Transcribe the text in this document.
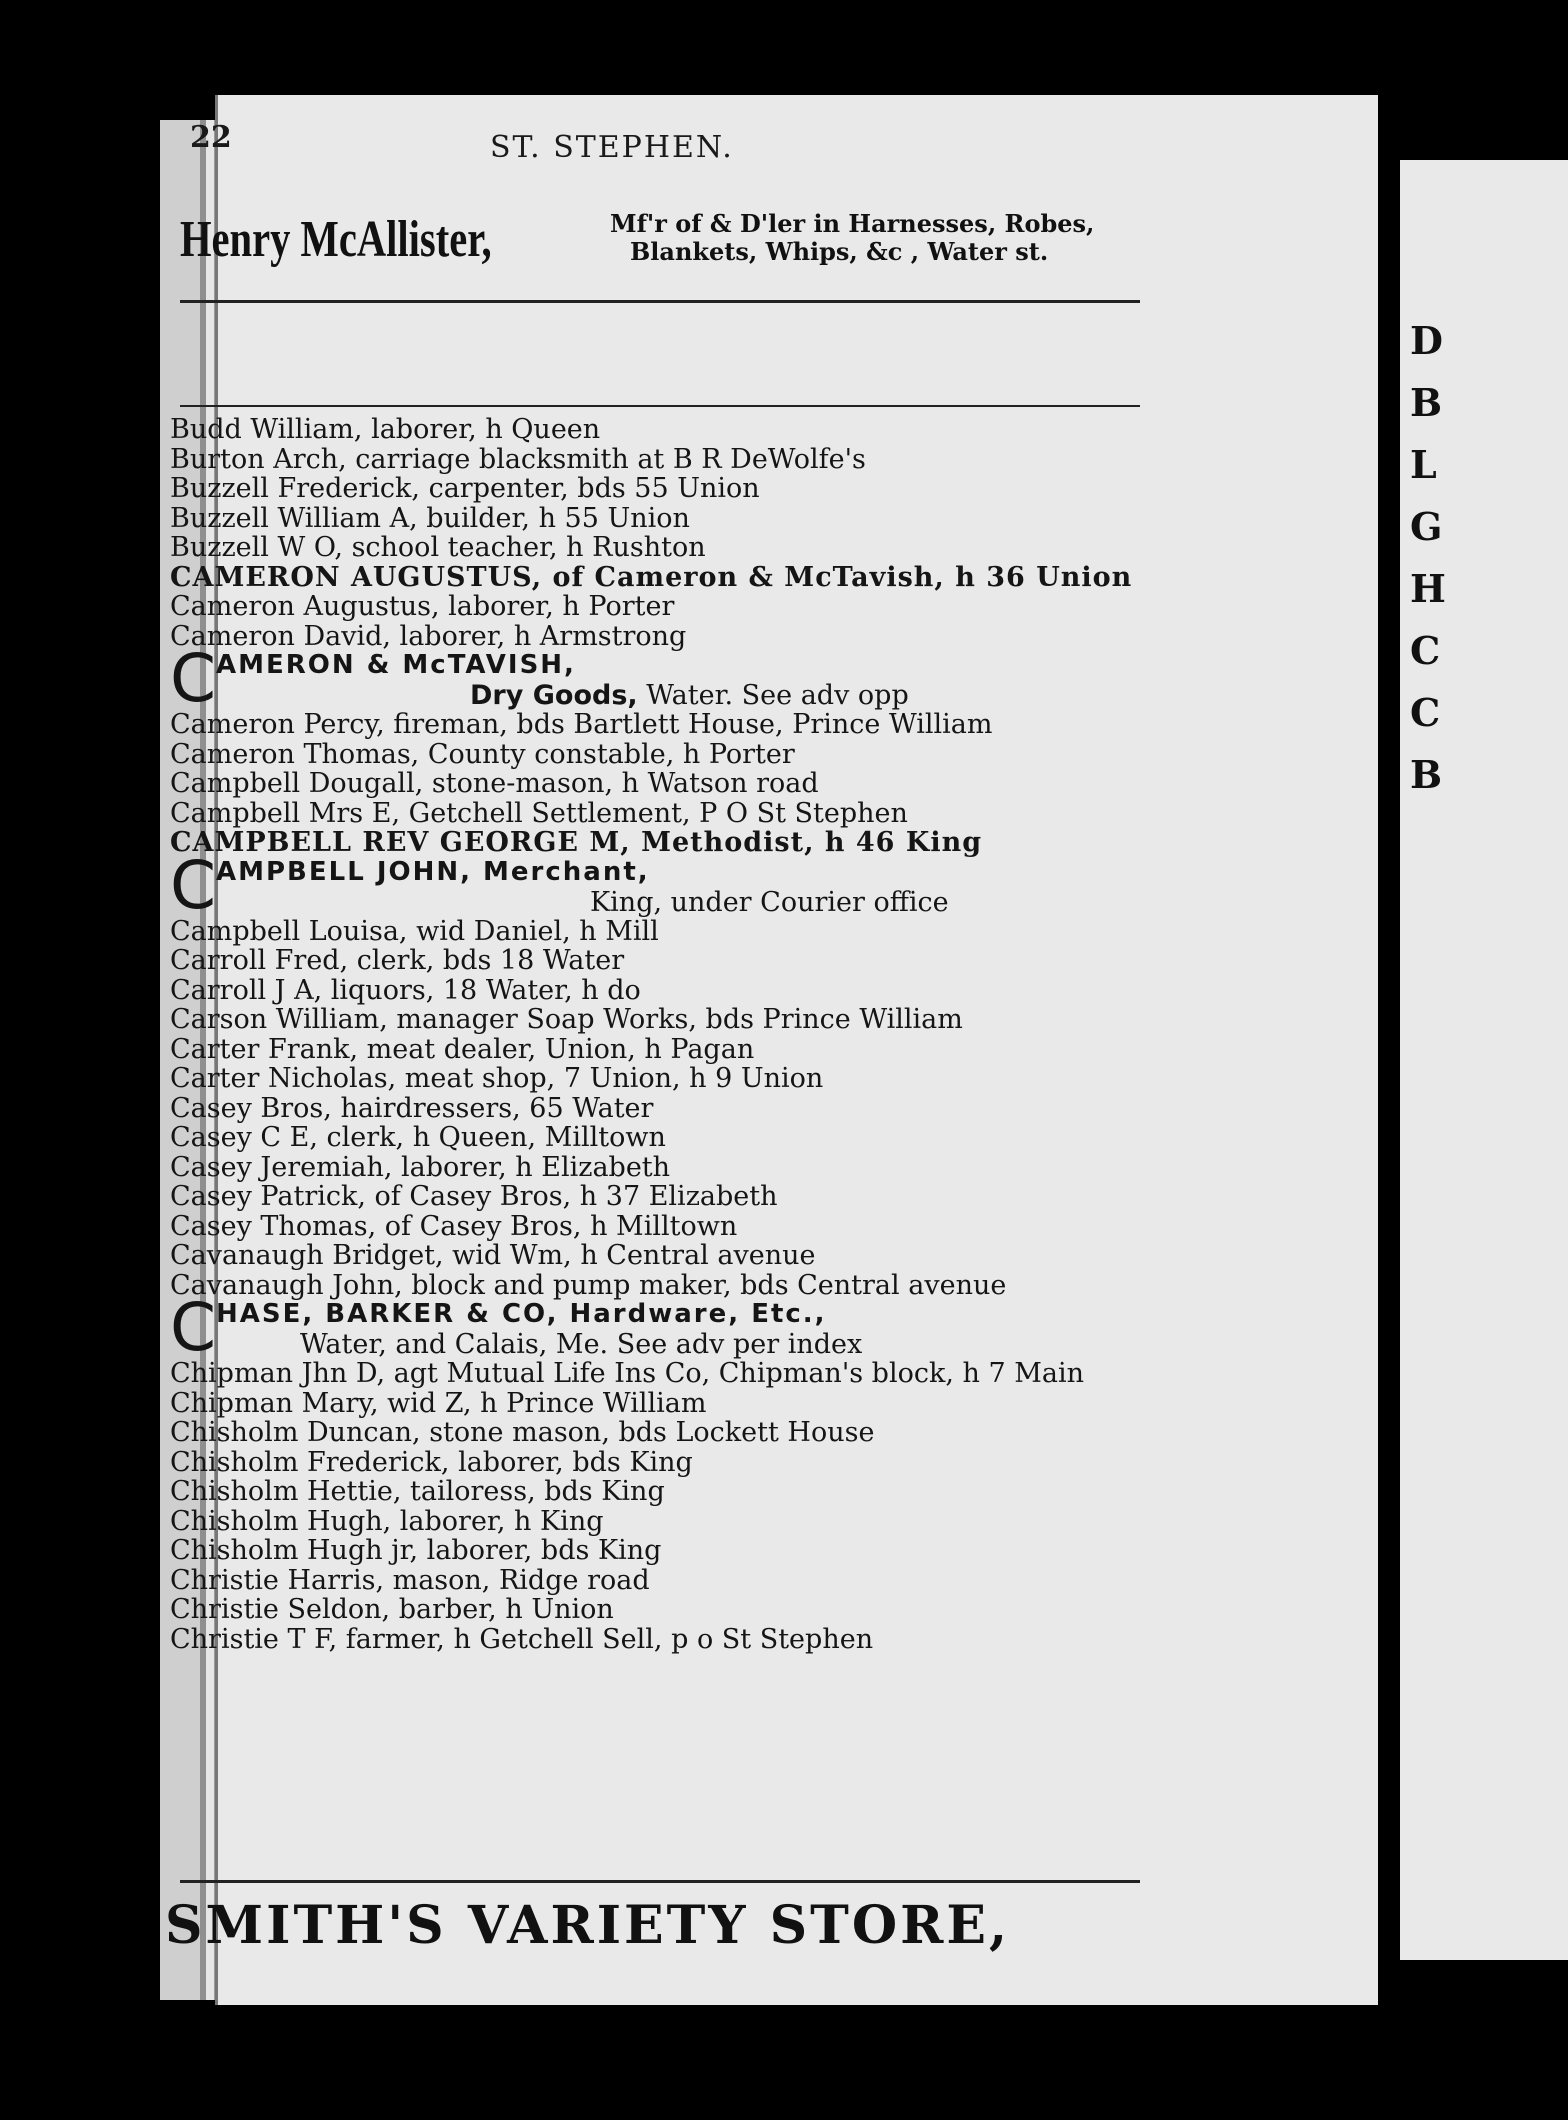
D
B
L
G
H
C
C
B
22	ST. STEPHEN.
Henry McAllister,	Mf'r of & D'ler in Harnesses, Robes,
Blankets, Whips, &c , Water st.
Budd William, laborer, h Queen
Burton Arch, carriage blacksmith at B R DeWolfe's
Buzzell Frederick, carpenter, bds 55 Union
Buzzell William A, builder, h 55 Union
Buzzell W O, school teacher, h Rushton
CAMERON AUGUSTUS, of Cameron & McTavish, h 36 Union
Cameron Augustus, laborer, h Porter
Cameron David, laborer, h Armstrong
CAMERON & McTAVISH,
Dry Goods, Water. See adv opp
Cameron Percy, fireman, bds Bartlett House, Prince William
Cameron Thomas, County constable, h Porter
Campbell Dougall, stone-mason, h Watson road
Campbell Mrs E, Getchell Settlement, P O St Stephen
CAMPBELL REV GEORGE M, Methodist, h 46 King
CAMPBELL JOHN, Merchant,
King, under Courier office
Campbell Louisa, wid Daniel, h Mill
Carroll Fred, clerk, bds 18 Water
Carroll J A, liquors, 18 Water, h do
Carson William, manager Soap Works, bds Prince William
Carter Frank, meat dealer, Union, h Pagan
Carter Nicholas, meat shop, 7 Union, h 9 Union
Casey Bros, hairdressers, 65 Water
Casey C E, clerk, h Queen, Milltown
Casey Jeremiah, laborer, h Elizabeth
Casey Patrick, of Casey Bros, h 37 Elizabeth
Casey Thomas, of Casey Bros, h Milltown
Cavanaugh Bridget, wid Wm, h Central avenue
Cavanaugh John, block and pump maker, bds Central avenue
CHASE, BARKER & CO, Hardware, Etc.,
Water, and Calais, Me. See adv per index
Chipman Jhn D, agt Mutual Life Ins Co, Chipman's block, h 7 Main
Chipman Mary, wid Z, h Prince William
Chisholm Duncan, stone mason, bds Lockett House
Chisholm Frederick, laborer, bds King
Chisholm Hettie, tailoress, bds King
Chisholm Hugh, laborer, h King
Chisholm Hugh jr, laborer, bds King
Christie Harris, mason, Ridge road
Christie Seldon, barber, h Union
Christie T F, farmer, h Getchell Sell, p o St Stephen
SMITH'S VARIETY STORE,
